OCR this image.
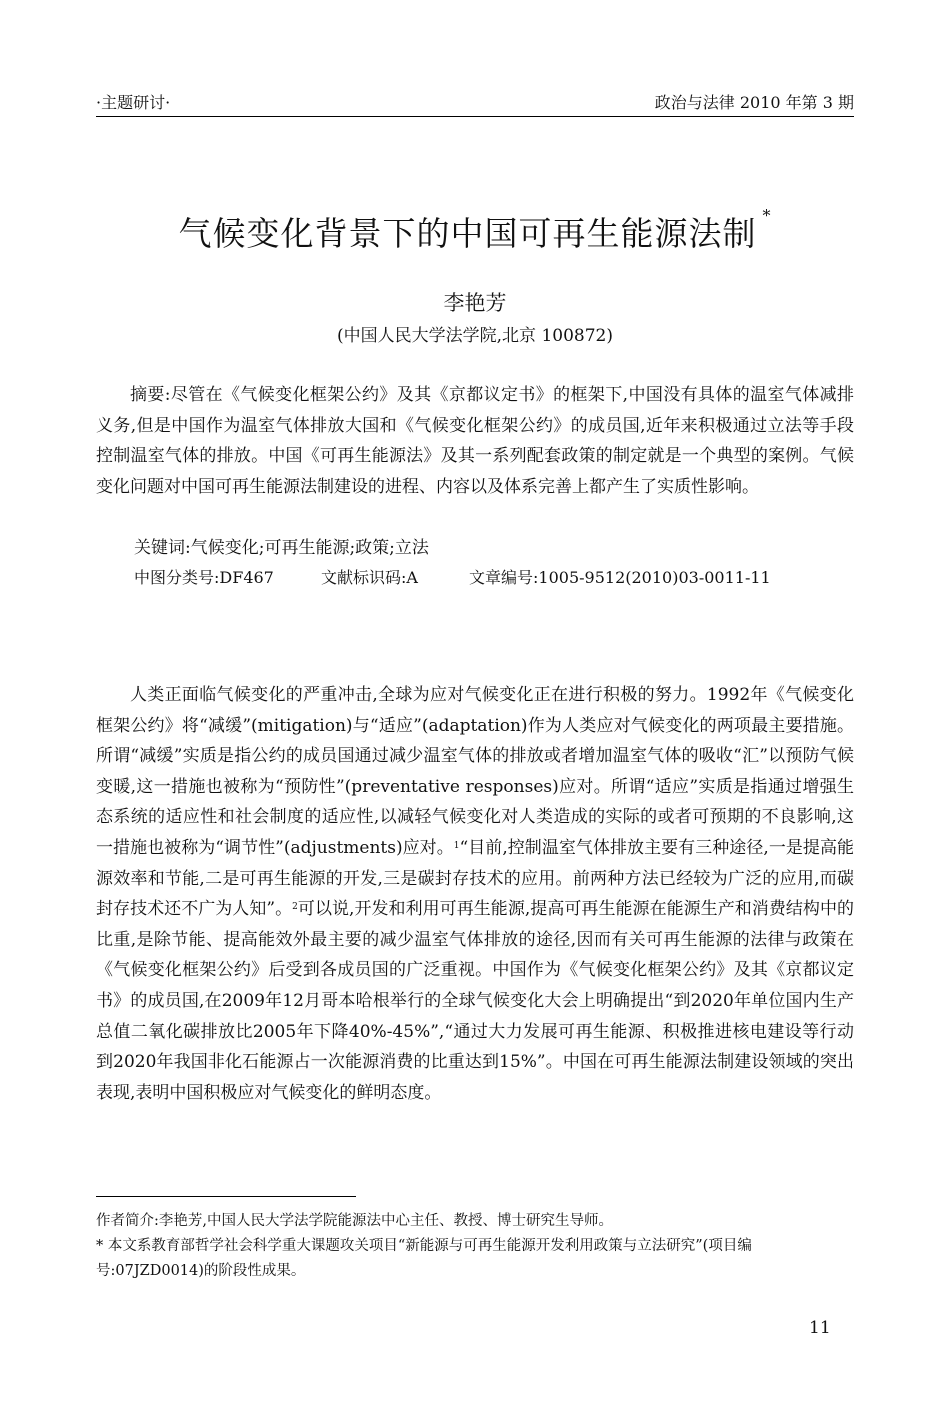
·主题研讨·	政治与法律 2010 年第 3 期
气候变化背景下的中国可再生能源法制 *
李艳芳
(中国人民大学法学院,北京 100872)
摘要:尽管在《气候变化框架公约》及其《京都议定书》的框架下,中国没有具体的温室气体减排义务,但是中国作为温室气体排放大国和《气候变化框架公约》的成员国,近年来积极通过立法等手段控制温室气体的排放。中国《可再生能源法》及其一系列配套政策的制定就是一个典型的案例。气候变化问题对中国可再生能源法制建设的进程、内容以及体系完善上都产生了实质性影响。
关键词:气候变化;可再生能源;政策;立法
中图分类号:DF467	文献标识码:A	文章编号:1005-9512(2010)03-0011-11
人类正面临气候变化的严重冲击,全球为应对气候变化正在进行积极的努力。1992年《气候变化框架公约》将“减缓”(mitigation)与“适应”(adaptation)作为人类应对气候变化的两项最主要措施。所谓“减缓”实质是指公约的成员国通过减少温室气体的排放或者增加温室气体的吸收“汇”以预防气候变暖,这一措施也被称为“预防性”(preventative responses)应对。所谓“适应”实质是指通过增强生态系统的适应性和社会制度的适应性,以减轻气候变化对人类造成的实际的或者可预期的不良影响,这一措施也被称为“调节性”(adjustments)应对。$^1$“目前,控制温室气体排放主要有三种途径,一是提高能源效率和节能,二是可再生能源的开发,三是碳封存技术的应用。前两种方法已经较为广泛的应用,而碳封存技术还不广为人知”。$^2$可以说,开发和利用可再生能源,提高可再生能源在能源生产和消费结构中的比重,是除节能、提高能效外最主要的减少温室气体排放的途径,因而有关可再生能源的法律与政策在《气候变化框架公约》后受到各成员国的广泛重视。中国作为《气候变化框架公约》及其《京都议定书》的成员国,在2009年12月哥本哈根举行的全球气候变化大会上明确提出“到2020年单位国内生产总值二氧化碳排放比2005年下降40%-45%”,“通过大力发展可再生能源、积极推进核电建设等行动到2020年我国非化石能源占一次能源消费的比重达到15%”。中国在可再生能源法制建设领域的突出表现,表明中国积极应对气候变化的鲜明态度。

作者简介:李艳芳,中国人民大学法学院能源法中心主任、教授、博士研究生导师。

* 本文系教育部哲学社会科学重大课题攻关项目“新能源与可再生能源开发利用政策与立法研究”(项目编号:07JZD0014)的阶段性成果。

11
